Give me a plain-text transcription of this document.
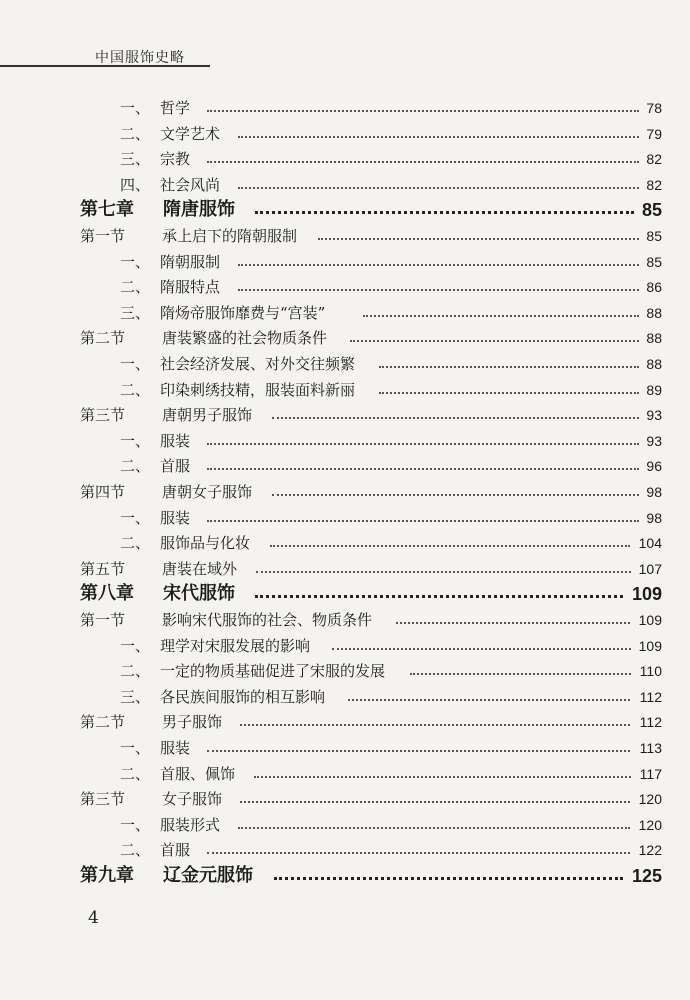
中国服饰史略
一、 哲学	78
二、 文学艺术	79
三、 宗教	82
四、 社会风尚	82
第七章 隋唐服饰	85
第一节 承上启下的隋朝服制	85
一、 隋朝服制	85
二、 隋服特点	86
三、 隋炀帝服饰靡费与“宫装”	88
第二节 唐装繁盛的社会物质条件	88
一、 社会经济发展、对外交往频繁	88
二、 印染刺绣技精，服装面料新丽	89
第三节 唐朝男子服饰	93
一、 服装	93
二、 首服	96
第四节 唐朝女子服饰	98
一、 服装	98
二、 服饰品与化妆	104
第五节 唐装在域外	107
第八章 宋代服饰	109
第一节 影响宋代服饰的社会、物质条件	109
一、 理学对宋服发展的影响	109
二、 一定的物质基础促进了宋服的发展	110
三、 各民族间服饰的相互影响	112
第二节 男子服饰	112
一、 服装	113
二、 首服、佩饰	117
第三节 女子服饰	120
一、 服装形式	120
二、 首服	122
第九章 辽金元服饰	125
4
